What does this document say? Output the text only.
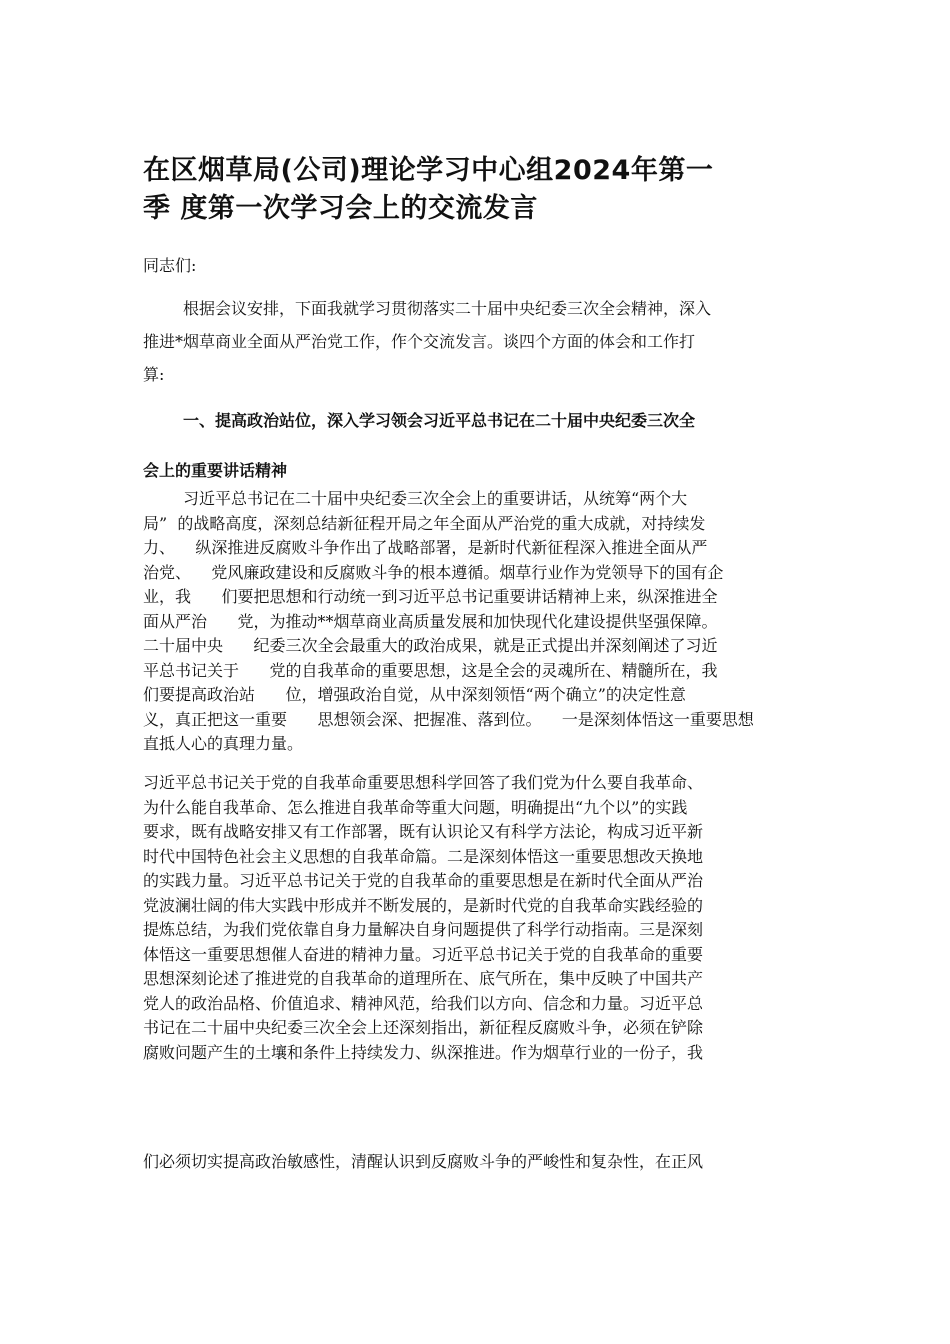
在区烟草局(公司)理论学习中心组2024年第一
季 度第一次学习会上的交流发言

同志们:

根据会议安排，下面我就学习贯彻落实二十届中央纪委三次全会精神，深入
推进*烟草商业全面从严治党工作，作个交流发言。谈四个方面的体会和工作打
算:

一、提高政治站位，深入学习领会习近平总书记在二十届中央纪委三次全
会上的重要讲话精神

习近平总书记在二十届中央纪委三次全会上的重要讲话，从统筹“两个大
局”  的战略高度，深刻总结新征程开局之年全面从严治党的重大成就，对持续发
力、    纵深推进反腐败斗争作出了战略部署，是新时代新征程深入推进全面从严
治党、    党风廉政建设和反腐败斗争的根本遵循。烟草行业作为党领导下的国有企
业，我      们要把思想和行动统一到习近平总书记重要讲话精神上来，纵深推进全
面从严治      党，为推动**烟草商业高质量发展和加快现代化建设提供坚强保障。
二十届中央      纪委三次全会最重大的政治成果，就是正式提出并深刻阐述了习近
平总书记关于      党的自我革命的重要思想，这是全会的灵魂所在、精髓所在，我
们要提高政治站      位，增强政治自觉，从中深刻领悟“两个确立”的决定性意
义，真正把这一重要      思想领会深、把握准、落到位。    一是深刻体悟这一重要思想
直抵人心的真理力量。

习近平总书记关于党的自我革命重要思想科学回答了我们党为什么要自我革命、
为什么能自我革命、怎么推进自我革命等重大问题，明确提出“九个以”的实践
要求，既有战略安排又有工作部署，既有认识论又有科学方法论，构成习近平新
时代中国特色社会主义思想的自我革命篇。二是深刻体悟这一重要思想改天换地
的实践力量。习近平总书记关于党的自我革命的重要思想是在新时代全面从严治
党波澜壮阔的伟大实践中形成并不断发展的，是新时代党的自我革命实践经验的
提炼总结，为我们党依靠自身力量解决自身问题提供了科学行动指南。三是深刻
体悟这一重要思想催人奋进的精神力量。习近平总书记关于党的自我革命的重要
思想深刻论述了推进党的自我革命的道理所在、底气所在，集中反映了中国共产
党人的政治品格、价值追求、精神风范，给我们以方向、信念和力量。习近平总
书记在二十届中央纪委三次全会上还深刻指出，新征程反腐败斗争，必须在铲除
腐败问题产生的土壤和条件上持续发力、纵深推进。作为烟草行业的一份子，我

们必须切实提高政治敏感性，清醒认识到反腐败斗争的严峻性和复杂性，在正风
